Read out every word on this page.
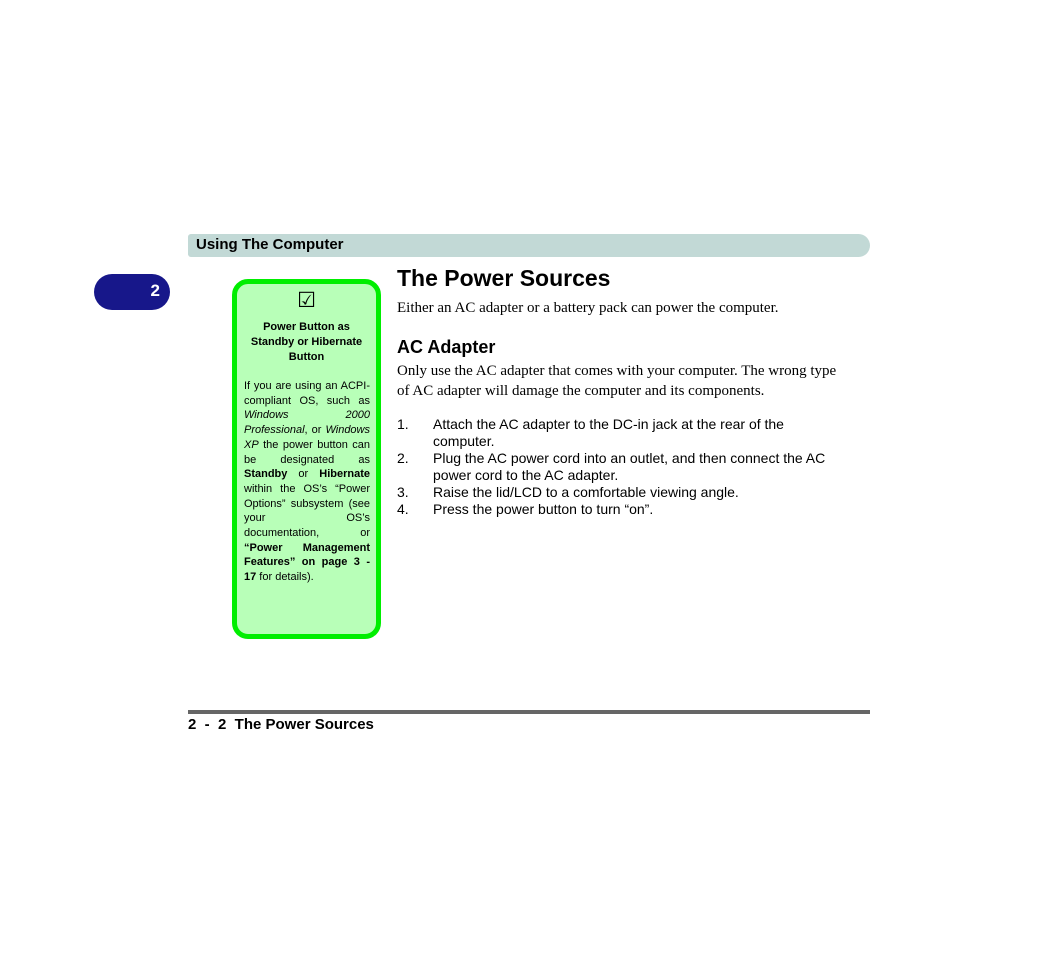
Using The Computer
2	☑
Power Button as Standby or Hibernate Button
If you are using an ACPI-compliant OS, such as Windows 2000 Professional, or Windows XP the power button can be designated as Standby or Hibernate within the OS’s “Power Options” subsystem (see your OS’s documentation, or “Power Management Features” on page 3 - 17 for details).
The Power Sources

Either an AC adapter or a battery pack can power the computer.

AC Adapter

Only use the AC adapter that comes with your computer. The wrong type of AC adapter will damage the computer and its components.

1. Attach the AC adapter to the DC-in jack at the rear of the computer.
2. Plug the AC power cord into an outlet, and then connect the AC power cord to the AC adapter.
3. Raise the lid/LCD to a comfortable viewing angle.
4. Press the power button to turn “on”.
2  -  2  The Power Sources
